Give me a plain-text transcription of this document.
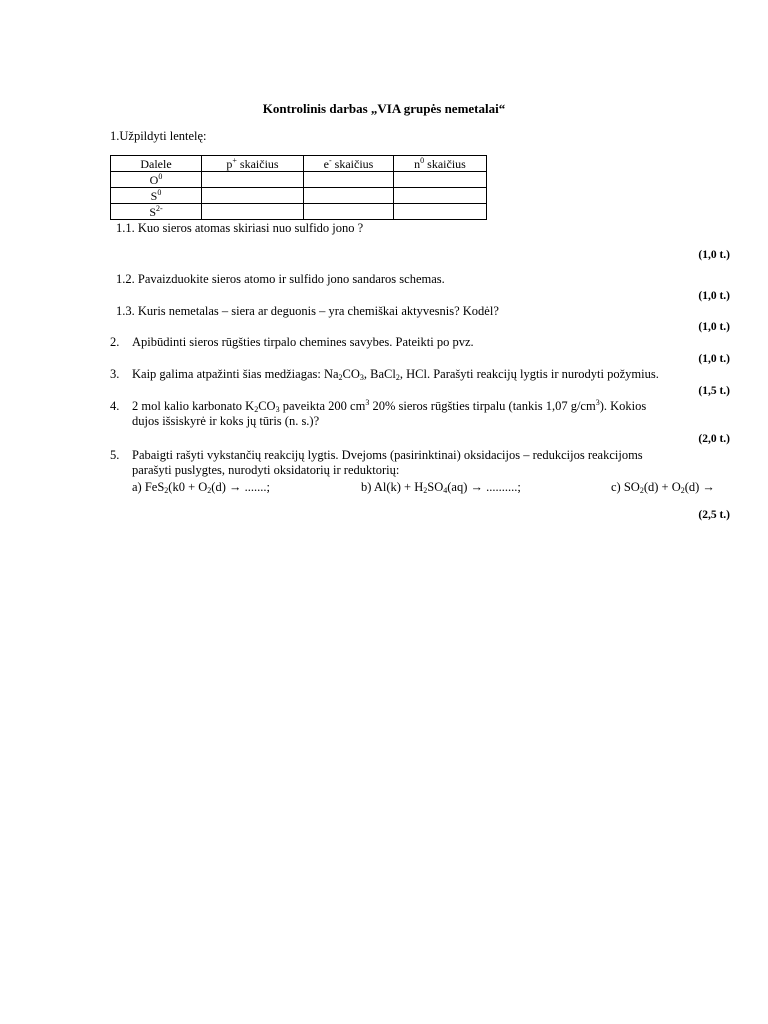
Kontrolinis darbas „VIA grupės nemetalai“
1.Užpildyti lentelę:
Dalele	p+ skaičius	e- skaičius	$n^0$ skaičius
$O^0$			
$S^0$			
$S^{2-}$			
1.1. Kuo sieros atomas skiriasi nuo sulfido jono ?
(1,0 t.)
1.2. Pavaizduokite sieros atomo ir sulfido jono sandaros schemas.
(1,0 t.)
1.3. Kuris nemetalas – siera ar deguonis – yra chemiškai aktyvesnis? Kodėl?
(1,0 t.)
2. Apibūdinti sieros rūgšties tirpalo chemines savybes. Pateikti po pvz.
(1,0 t.)
3. Kaip galima atpažinti šias medžiagas: $Na_2CO_3$, BaCl$_2$, HCl. Parašyti reakcijų lygtis ir nurodyti požymius.
(1,5 t.)
4. 2 mol kalio karbonato $K_2CO_3$ paveikta 200 $cm^3$ 20% sieros rūgšties tirpalu (tankis 1,07 $g/cm^3$). Kokios
dujos išsiskyrė ir koks jų tūris (n. s.)?
(2,0 t.)
5. Pabaigti rašyti vykstančių reakcijų lygtis. Dvejoms (pasirinktinai) oksidacijos – redukcijos reakcijoms
parašyti puslygtes, nurodyti oksidatorių ir reduktorių:
a) $FeS_2(k0 + O_2(d)$ → .......;	b) $Al(k) + H_2SO_4(aq)$ → ..........;	c) $SO_2(d) + O_2(d)$ →
(2,5 t.)
